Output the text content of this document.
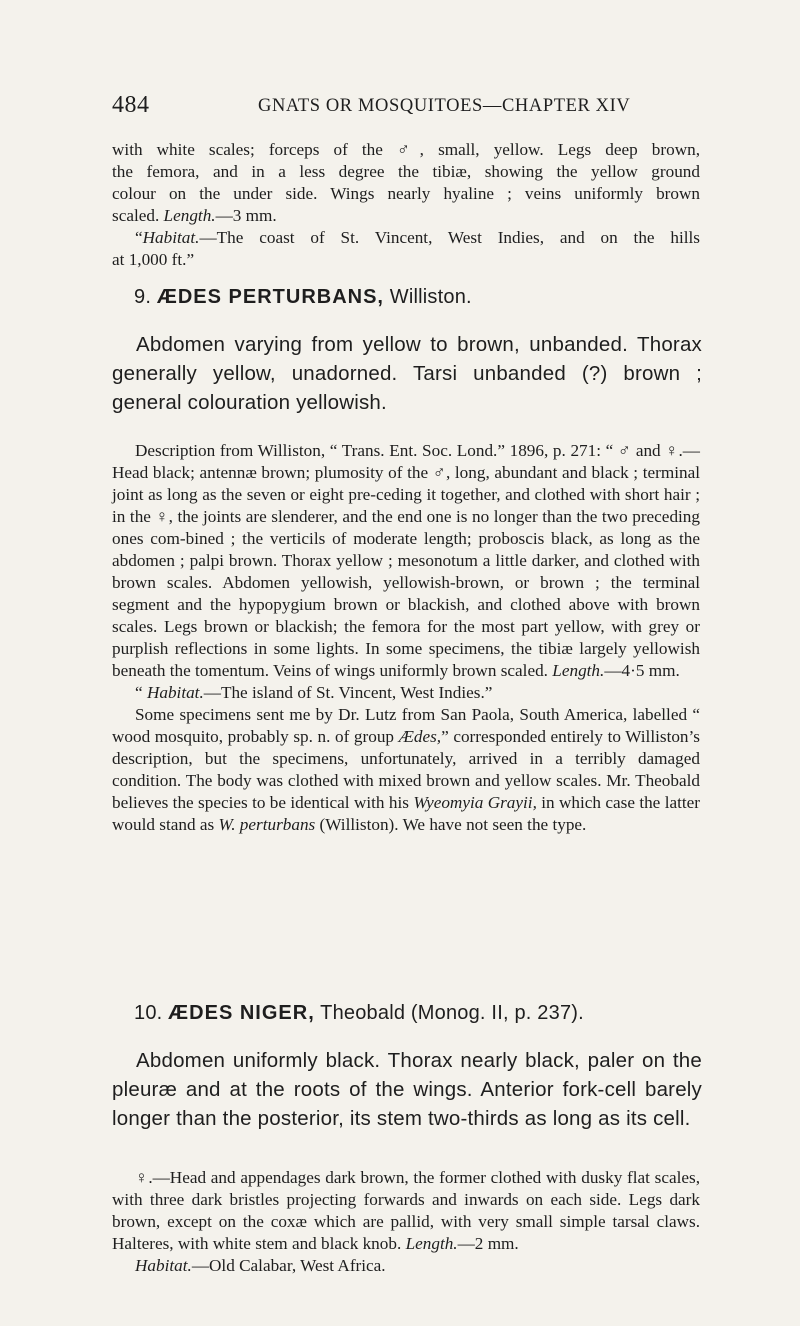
484	GNATS OR MOSQUITOES—CHAPTER XIV

with white scales; forceps of the ♂, small, yellow. Legs deep brown,

the femora, and in a less degree the tibiæ, showing the yellow ground

colour on the under side. Wings nearly hyaline ; veins uniformly brown

scaled. Length.—3 mm.

“Habitat.—The coast of St. Vincent, West Indies, and on the hills

at 1,000 ft.”

9. ÆDES PERTURBANS, Williston.

Abdomen varying from yellow to brown, unbanded. Thorax generally yellow, unadorned. Tarsi unbanded (?) brown ; general colouration yellowish.

Description from Williston, “ Trans. Ent. Soc. Lond.” 1896, p. 271: “ ♂ and ♀.—Head black; antennæ brown; plumosity of the ♂, long, abundant and black ; terminal joint as long as the seven or eight pre-ceding it together, and clothed with short hair ; in the ♀, the joints are slenderer, and the end one is no longer than the two preceding ones com-bined ; the verticils of moderate length; proboscis black, as long as the abdomen ; palpi brown. Thorax yellow ; mesonotum a little darker, and clothed with brown scales. Abdomen yellowish, yellowish-brown, or brown ; the terminal segment and the hypopygium brown or blackish, and clothed above with brown scales. Legs brown or blackish; the femora for the most part yellow, with grey or purplish reflections in some lights. In some specimens, the tibiæ largely yellowish beneath the tomentum. Veins of wings uniformly brown scaled. Length.—4·5 mm.

“ Habitat.—The island of St. Vincent, West Indies.”

Some specimens sent me by Dr. Lutz from San Paola, South America, labelled “ wood mosquito, probably sp. n. of group Ædes,” corresponded entirely to Williston’s description, but the specimens, unfortunately, arrived in a terribly damaged condition. The body was clothed with mixed brown and yellow scales. Mr. Theobald believes the species to be identical with his Wyeomyia Grayii, in which case the latter would stand as W. perturbans (Williston). We have not seen the type.

10. ÆDES NIGER, Theobald (Monog. II, p. 237).

Abdomen uniformly black. Thorax nearly black, paler on the pleuræ and at the roots of the wings. Anterior fork-cell barely longer than the posterior, its stem two-thirds as long as its cell.

♀.—Head and appendages dark brown, the former clothed with dusky flat scales, with three dark bristles projecting forwards and inwards on each side. Legs dark brown, except on the coxæ which are pallid, with very small simple tarsal claws. Halteres, with white stem and black knob. Length.—2 mm.

Habitat.—Old Calabar, West Africa.
